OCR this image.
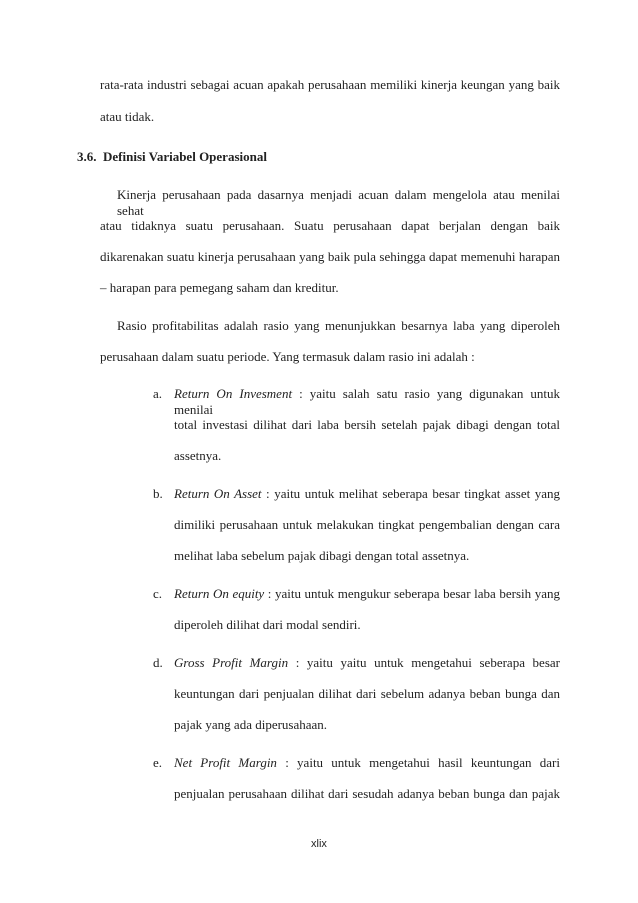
rata-rata industri sebagai acuan apakah perusahaan memiliki kinerja keungan yang baik
atau tidak.
3.6. Definisi Variabel Operasional
Kinerja perusahaan pada dasarnya menjadi acuan dalam mengelola atau menilai sehat
atau tidaknya suatu perusahaan. Suatu perusahaan dapat berjalan dengan baik
dikarenakan suatu kinerja perusahaan yang baik pula sehingga dapat memenuhi harapan
– harapan para pemegang saham dan kreditur.
Rasio profitabilitas adalah rasio yang menunjukkan besarnya laba yang diperoleh
perusahaan dalam suatu periode. Yang termasuk dalam rasio ini adalah :
a. Return On Invesment : yaitu salah satu rasio yang digunakan untuk menilai
total investasi dilihat dari laba bersih setelah pajak dibagi dengan total
assetnya.
b. Return On Asset : yaitu untuk melihat seberapa besar tingkat asset yang
dimiliki perusahaan untuk melakukan tingkat pengembalian dengan cara
melihat laba sebelum pajak dibagi dengan total assetnya.
c. Return On equity : yaitu untuk mengukur seberapa besar laba bersih yang
diperoleh dilihat dari modal sendiri.
d. Gross Profit Margin : yaitu yaitu untuk mengetahui seberapa besar
keuntungan dari penjualan dilihat dari sebelum adanya beban bunga dan
pajak yang ada diperusahaan.
e. Net Profit Margin : yaitu untuk mengetahui hasil keuntungan dari
penjualan perusahaan dilihat dari sesudah adanya beban bunga dan pajak
xlix
